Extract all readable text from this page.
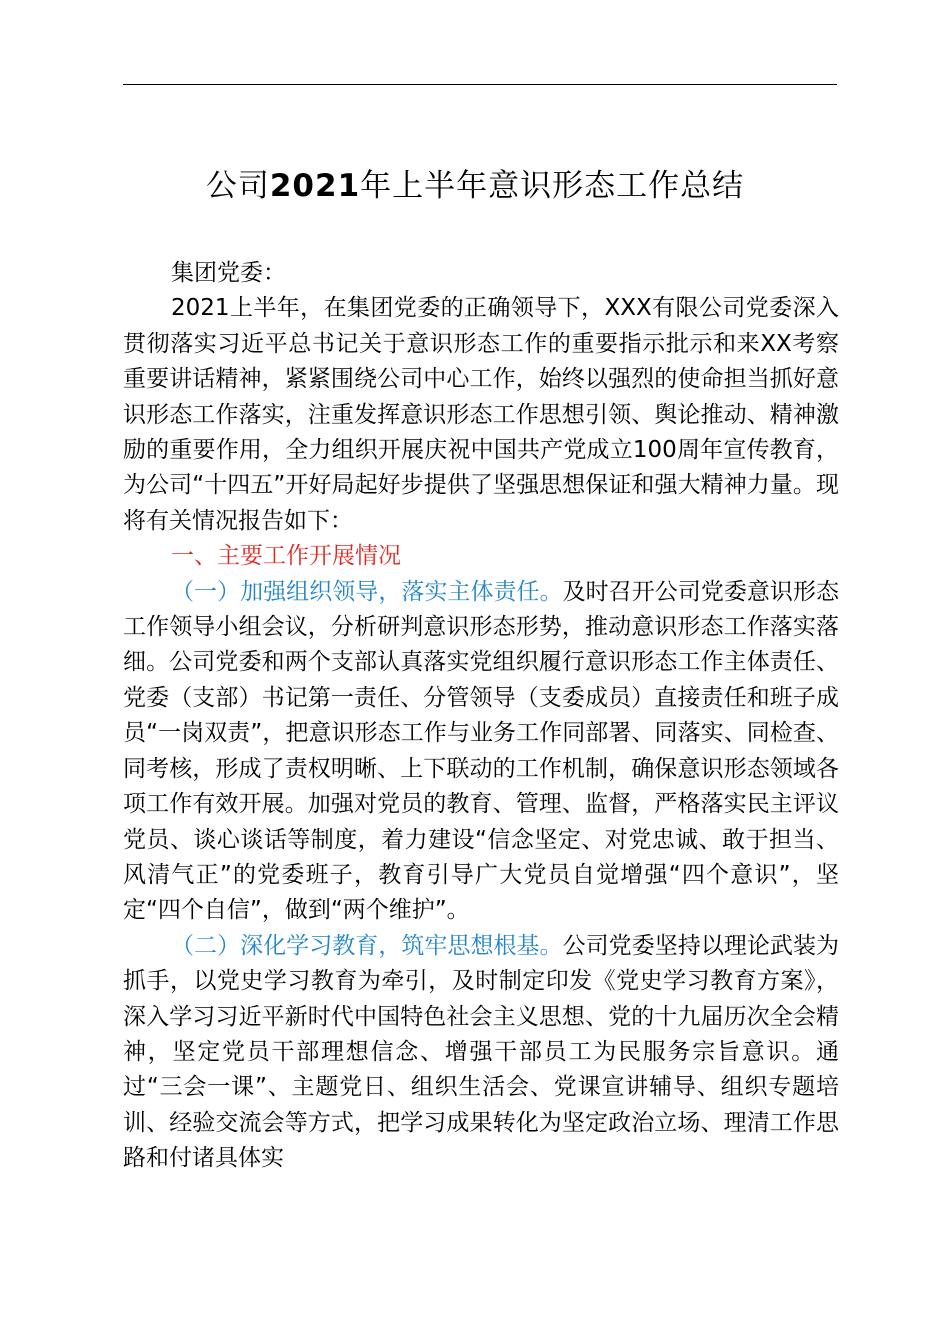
公司2021年上半年意识形态工作总结

集团党委：

2021上半年，在集团党委的正确领导下，XXX有限公司党委深入贯彻落实习近平总书记关于意识形态工作的重要指示批示和来XX考察重要讲话精神，紧紧围绕公司中心工作，始终以强烈的使命担当抓好意识形态工作落实，注重发挥意识形态工作思想引领、舆论推动、精神激励的重要作用，全力组织开展庆祝中国共产党成立100周年宣传教育，为公司“十四五”开好局起好步提供了坚强思想保证和强大精神力量。现将有关情况报告如下：

一、主要工作开展情况

（一）加强组织领导，落实主体责任。及时召开公司党委意识形态工作领导小组会议，分析研判意识形态形势，推动意识形态工作落实落细。公司党委和两个支部认真落实党组织履行意识形态工作主体责任、党委（支部）书记第一责任、分管领导（支委成员）直接责任和班子成员“一岗双责”，把意识形态工作与业务工作同部署、同落实、同检查、同考核，形成了责权明晰、上下联动的工作机制，确保意识形态领域各项工作有效开展。加强对党员的教育、管理、监督，严格落实民主评议党员、谈心谈话等制度，着力建设“信念坚定、对党忠诚、敢于担当、风清气正”的党委班子，教育引导广大党员自觉增强“四个意识”，坚定“四个自信”，做到“两个维护”。

（二）深化学习教育，筑牢思想根基。公司党委坚持以理论武装为抓手，以党史学习教育为牵引，及时制定印发《党史学习教育方案》，深入学习习近平新时代中国特色社会主义思想、党的十九届历次全会精神，坚定党员干部理想信念、增强干部员工为民服务宗旨意识。通过“三会一课”、主题党日、组织生活会、党课宣讲辅导、组织专题培训、经验交流会等方式，把学习成果转化为坚定政治立场、理清工作思路和付诸具体实
